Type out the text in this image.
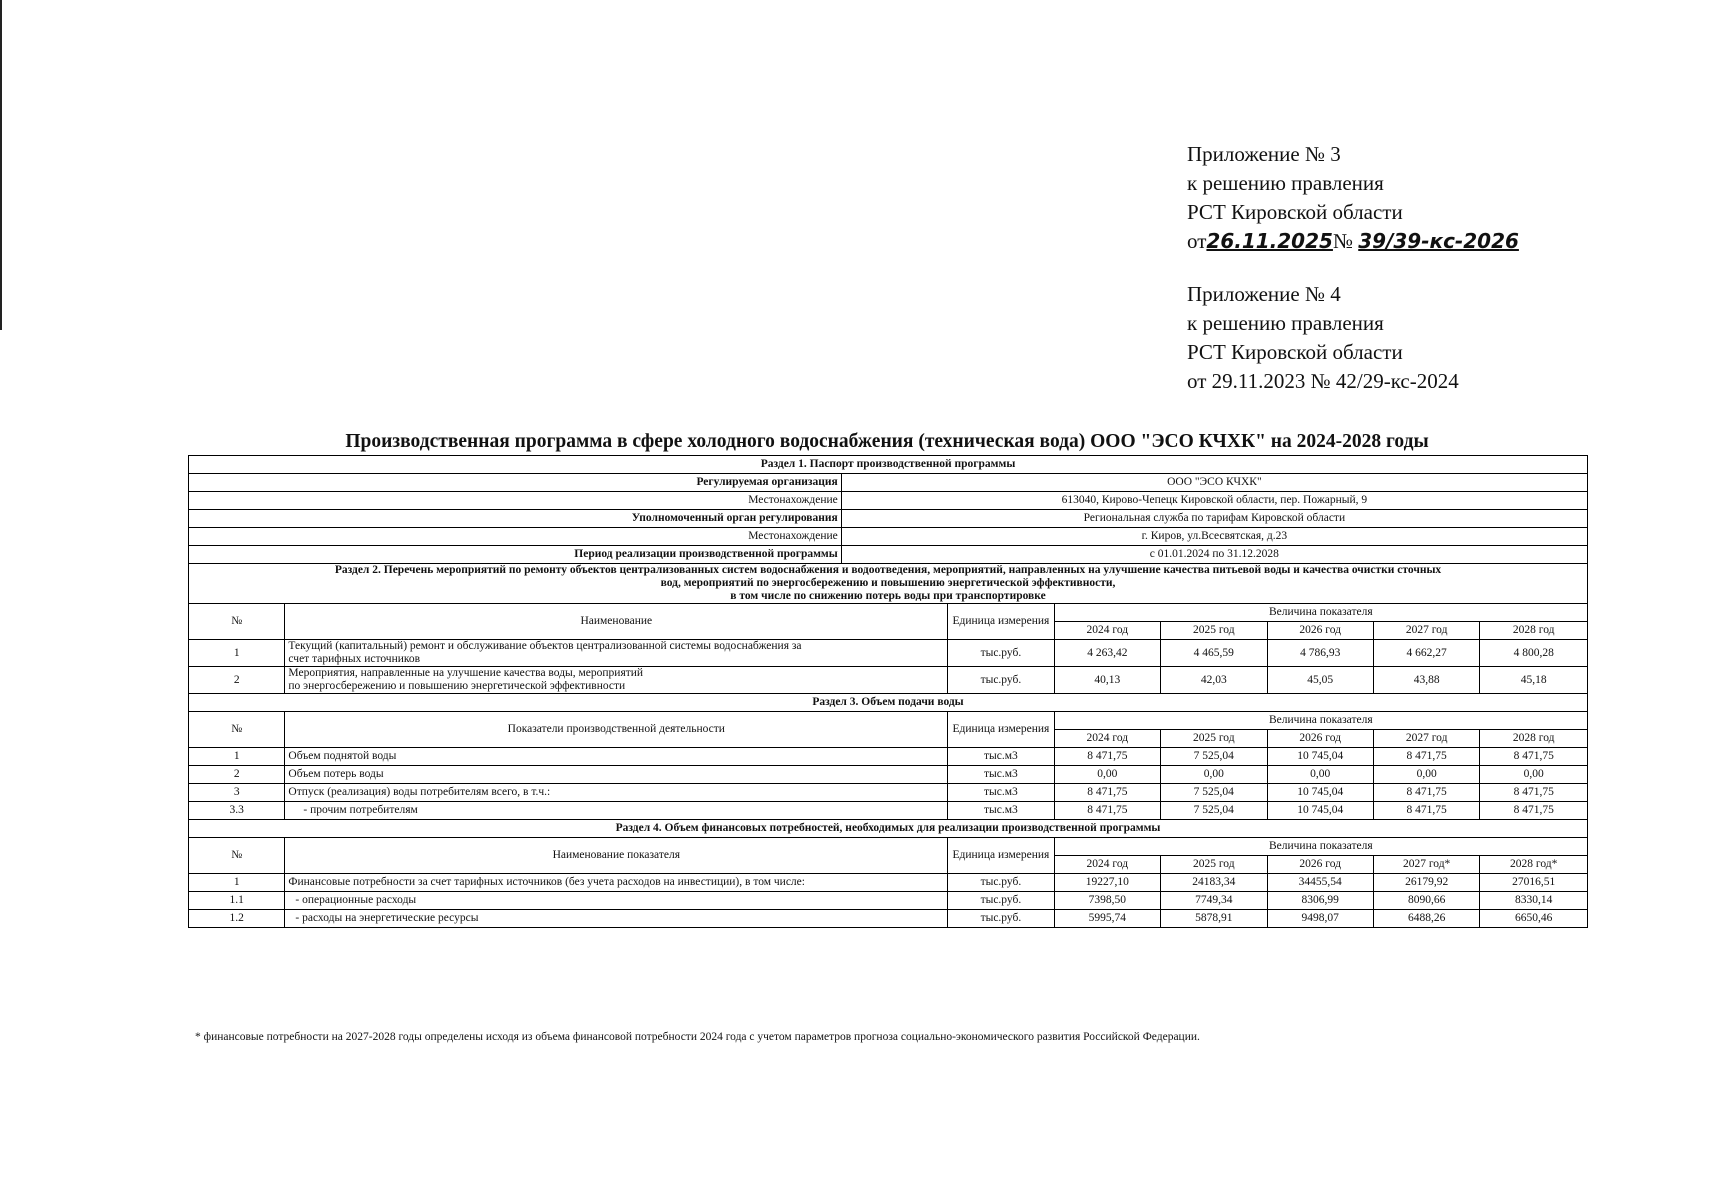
Приложение № 3
к решению правления
РСТ Кировской области
от26.11.2025№ 39/39-кс-2026
Приложение № 4
к решению правления
РСТ Кировской области
от 29.11.2023 № 42/29-кс-2024
Производственная программа в сфере холодного водоснабжения (техническая вода) ООО "ЭСО КЧХК" на 2024-2028 годы
Раздел 1. Паспорт производственной программы								
Регулируемая организация		ООО "ЭСО КЧХК"						
Местонахождение		613040, Кирово-Чепецк Кировской области, пер. Пожарный, 9						
Уполномоченный орган регулирования		Региональная служба по тарифам Кировской области						
Местонахождение		г. Киров, ул.Всесвятская, д.23						
Период реализации производственной программы		с 01.01.2024 по 31.12.2028						

Раздел 2. Перечень мероприятий по ремонту объектов централизованных систем водоснабжения и водоотведения, мероприятий, направленных на улучшение качества питьевой воды и качества очистки сточных
вод, мероприятий по энергосбережению и повышению энергетической эффективности,
в том числе по снижению потерь воды при транспортировке								

№	Наименование		Единица измерения	Величина показателя				
				2024 год	2025 год	2026 год	2027 год	2028 год
1	Текущий (капитальный) ремонт и обслуживание объектов централизованной системы водоснабжения за
счет тарифных источников		тыс.руб.	4 263,42	4 465,59	4 786,93	4 662,27	4 800,28
2	Мероприятия, направленные на улучшение качества воды, мероприятий
по энергосбережению и повышению энергетической эффективности		тыс.руб.	40,13	42,03	45,05	43,88	45,18
Раздел 3. Объем подачи воды								
№	Показатели производственной деятельности		Единица измерения	Величина показателя				
				2024 год	2025 год	2026 год	2027 год	2028 год
1	Объем поднятой воды		тыс.м3	8 471,75	7 525,04	10 745,04	8 471,75	8 471,75
2	Объем потерь воды		тыс.м3	0,00	0,00	0,00	0,00	0,00
3	Отпуск (реализация) воды потребителям всего, в т.ч.:		тыс.м3	8 471,75	7 525,04	10 745,04	8 471,75	8 471,75
3.3	- прочим потребителям		тыс.м3	8 471,75	7 525,04	10 745,04	8 471,75	8 471,75
Раздел 4. Объем финансовых потребностей, необходимых для реализации производственной программы								
№	Наименование показателя		Единица измерения	Величина показателя				
				2024 год	2025 год	2026 год	2027 год*	2028 год*
1	Финансовые потребности за счет тарифных источников (без учета расходов на инвестиции), в том числе:		тыс.руб.	19227,10	24183,34	34455,54	26179,92	27016,51
1.1	- операционные расходы		тыс.руб.	7398,50	7749,34	8306,99	8090,66	8330,14
1.2	- расходы на энергетические ресурсы		тыс.руб.	5995,74	5878,91	9498,07	6488,26	6650,46
* финансовые потребности на 2027-2028 годы определены исходя из объема финансовой потребности 2024 года с учетом параметров прогноза социально-экономического развития Российской Федерации.
